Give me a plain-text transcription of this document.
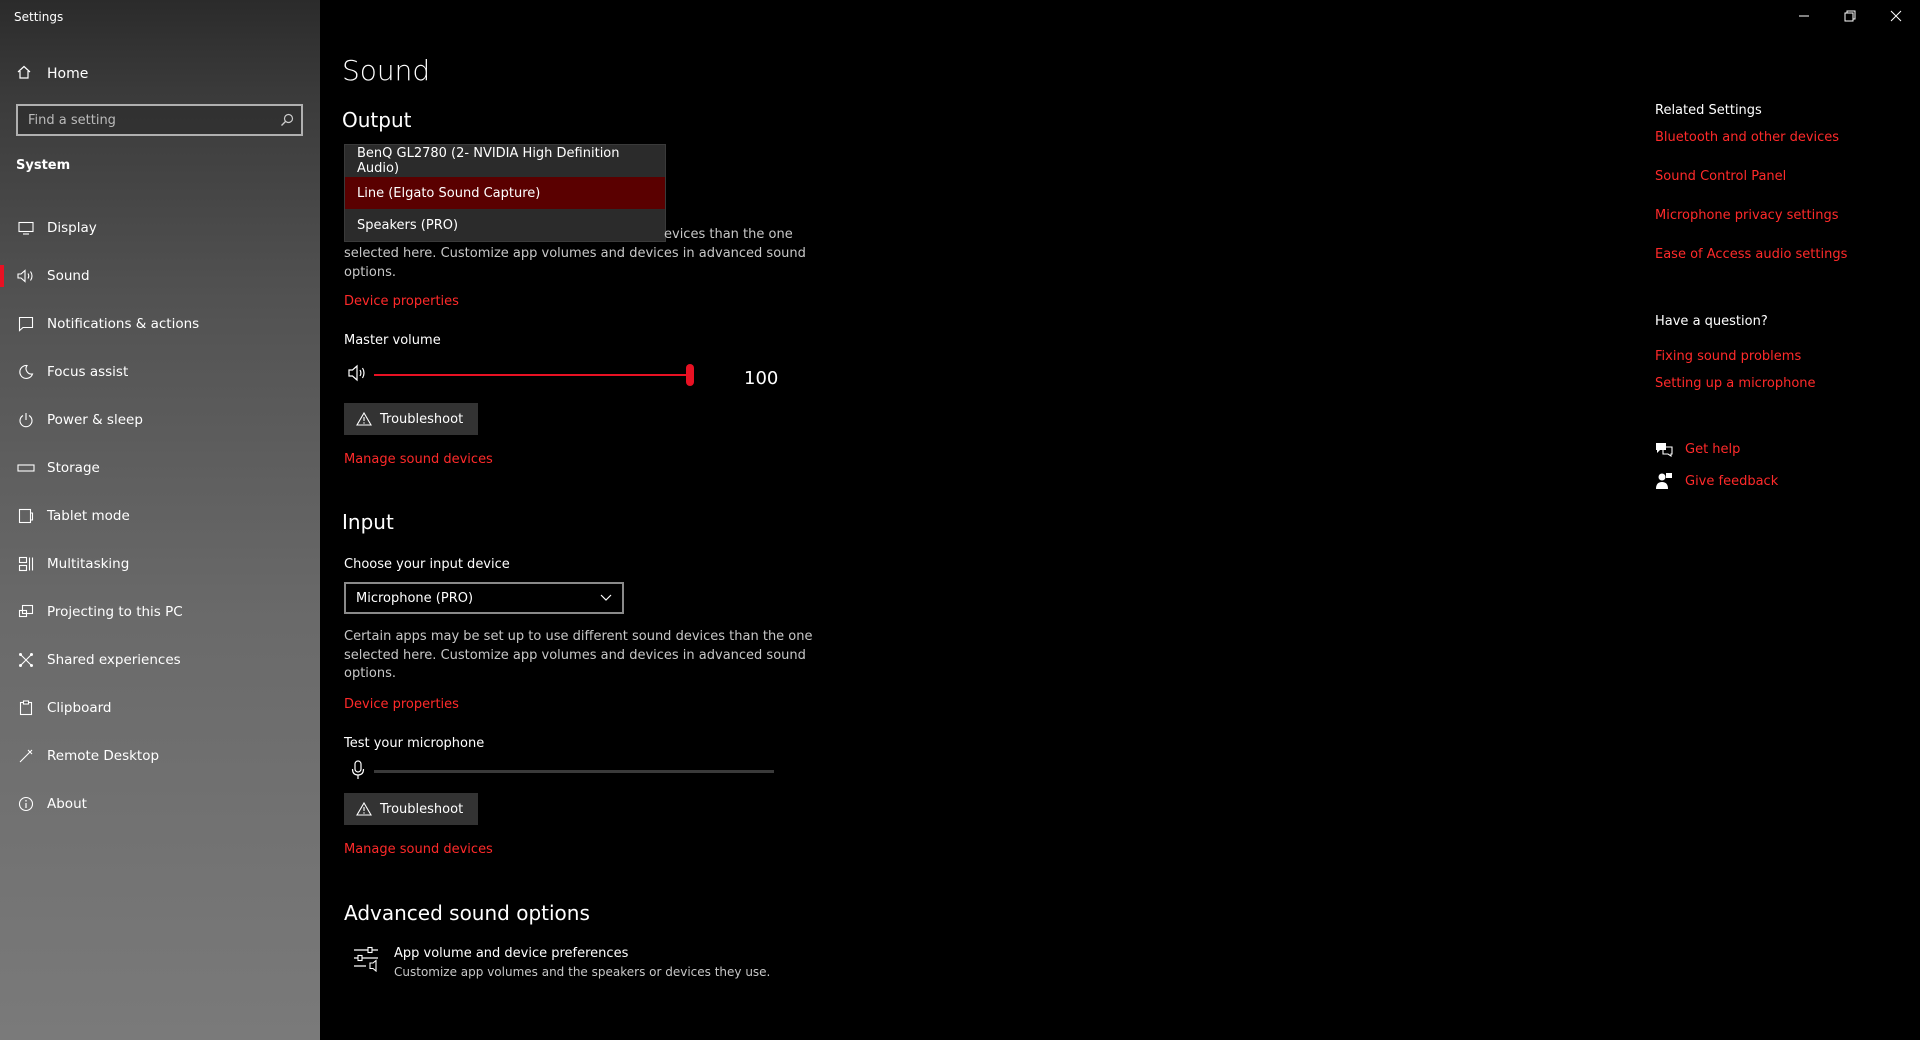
Settings
Home
Find a setting
System
Display
Sound
Notifications & actions
Focus assist
Power & sleep
Storage
Tablet mode
Multitasking
Projecting to this PC
Shared experiences
Clipboard
Remote Desktop
About
Sound
Output
BenQ GL2780 (2- NVIDIA High Definition Audio)
Line (Elgato Sound Capture)
Speakers (PRO)
evices than the one
selected here. Customize app volumes and devices in advanced sound options.
Device properties
Master volume
100
Troubleshoot
Manage sound devices
Input
Choose your input device
Microphone (PRO)
Certain apps may be set up to use different sound devices than the one selected here. Customize app volumes and devices in advanced sound options.
Device properties
Test your microphone
Troubleshoot
Manage sound devices
Advanced sound options
App volume and device preferences
Customize app volumes and the speakers or devices they use.
Related Settings
Bluetooth and other devices
Sound Control Panel
Microphone privacy settings
Ease of Access audio settings
Have a question?
Fixing sound problems
Setting up a microphone
Get help
Give feedback
